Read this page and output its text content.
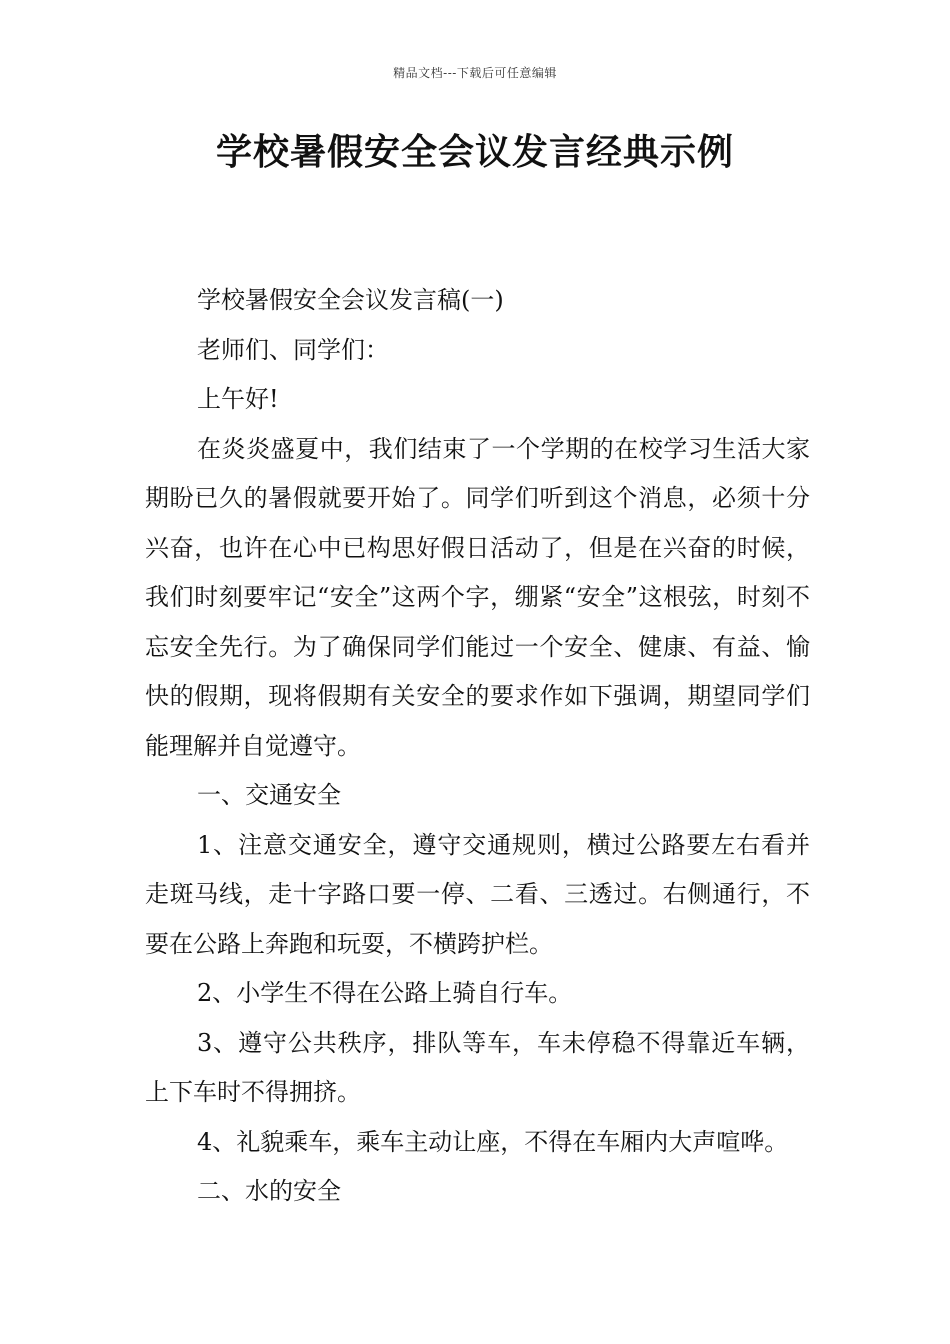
精品文档---下载后可任意编辑
学校暑假安全会议发言经典示例

学校暑假安全会议发言稿(一)

老师们、同学们：

上午好!

在炎炎盛夏中，我们结束了一个学期的在校学习生活大家期盼已久的暑假就要开始了。同学们听到这个消息，必须十分兴奋，也许在心中已构思好假日活动了，但是在兴奋的时候，我们时刻要牢记“安全”这两个字，绷紧“安全”这根弦，时刻不忘安全先行。为了确保同学们能过一个安全、健康、有益、愉快的假期，现将假期有关安全的要求作如下强调，期望同学们能理解并自觉遵守。

一、交通安全

1、注意交通安全，遵守交通规则，横过公路要左右看并走斑马线，走十字路口要一停、二看、三透过。右侧通行，不要在公路上奔跑和玩耍，不横跨护栏。

2、小学生不得在公路上骑自行车。

3、遵守公共秩序，排队等车，车未停稳不得靠近车辆，上下车时不得拥挤。

4、礼貌乘车，乘车主动让座，不得在车厢内大声喧哗。

二、水的安全
